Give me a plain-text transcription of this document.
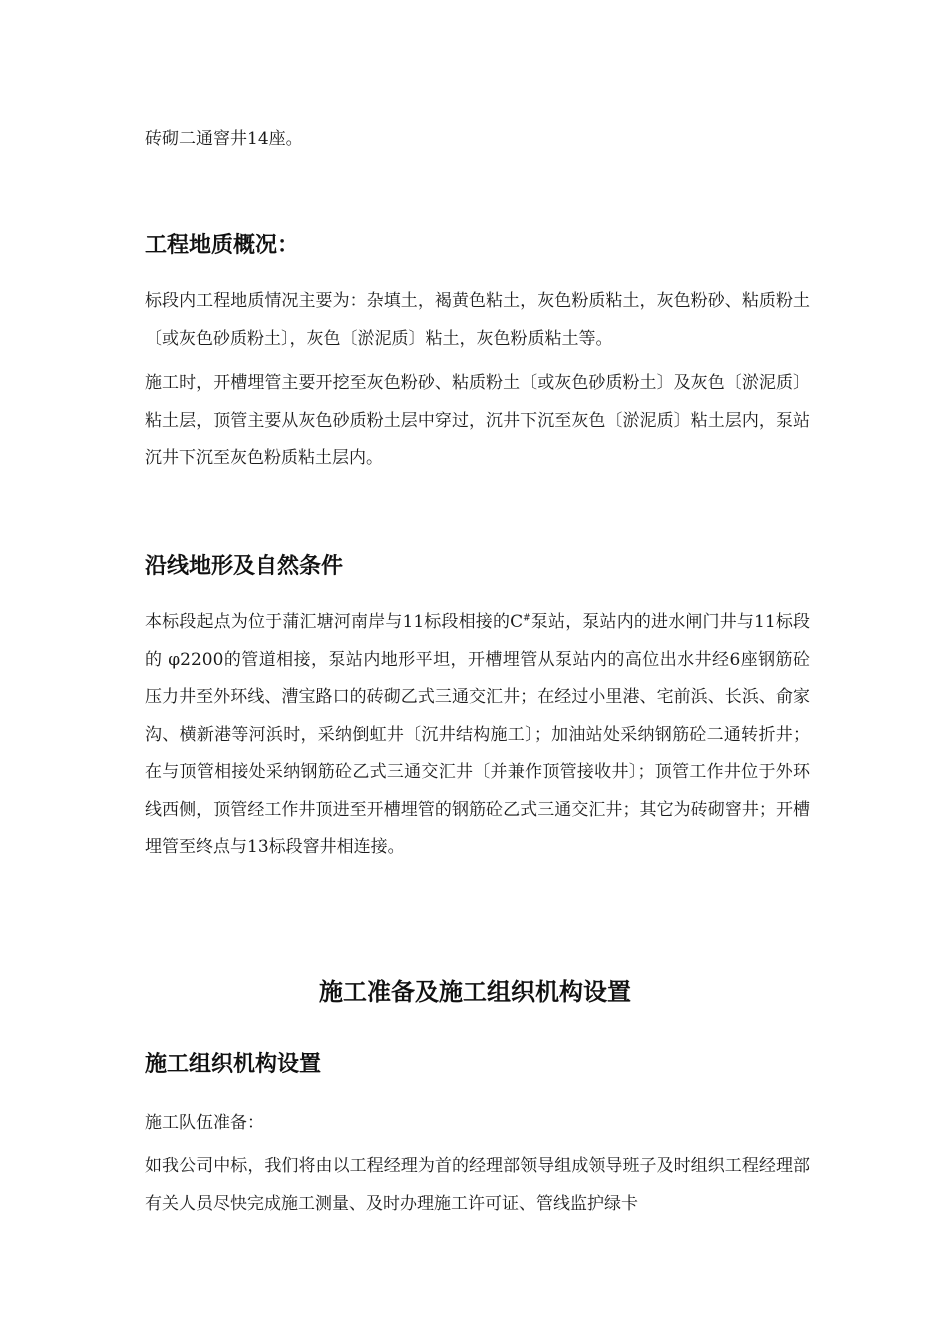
砖砌二通窨井14座。

工程地质概况：

标段内工程地质情况主要为：杂填土，褐黄色粘土，灰色粉质粘土，灰色粉砂、粘质粉土〔或灰色砂质粉土〕，灰色〔淤泥质〕粘土，灰色粉质粘土等。

施工时，开槽埋管主要开挖至灰色粉砂、粘质粉土〔或灰色砂质粉土〕及灰色〔淤泥质〕粘土层，顶管主要从灰色砂质粉土层中穿过，沉井下沉至灰色〔淤泥质〕粘土层内，泵站沉井下沉至灰色粉质粘土层内。

沿线地形及自然条件

本标段起点为位于蒲汇塘河南岸与11标段相接的C#泵站，泵站内的进水闸门井与11标段的 φ2200的管道相接，泵站内地形平坦，开槽埋管从泵站内的高位出水井经6座钢筋砼压力井至外环线、漕宝路口的砖砌乙式三通交汇井；在经过小里港、宅前浜、长浜、俞家沟、横新港等河浜时，采纳倒虹井〔沉井结构施工〕；加油站处采纳钢筋砼二通转折井；在与顶管相接处采纳钢筋砼乙式三通交汇井〔并兼作顶管接收井〕；顶管工作井位于外环线西侧，顶管经工作井顶进至开槽埋管的钢筋砼乙式三通交汇井；其它为砖砌窨井；开槽埋管至终点与13标段窨井相连接。

施工准备及施工组织机构设置
施工组织机构设置

施工队伍准备：

如我公司中标，我们将由以工程经理为首的经理部领导组成领导班子及时组织工程经理部有关人员尽快完成施工测量、及时办理施工许可证、管线监护绿卡
